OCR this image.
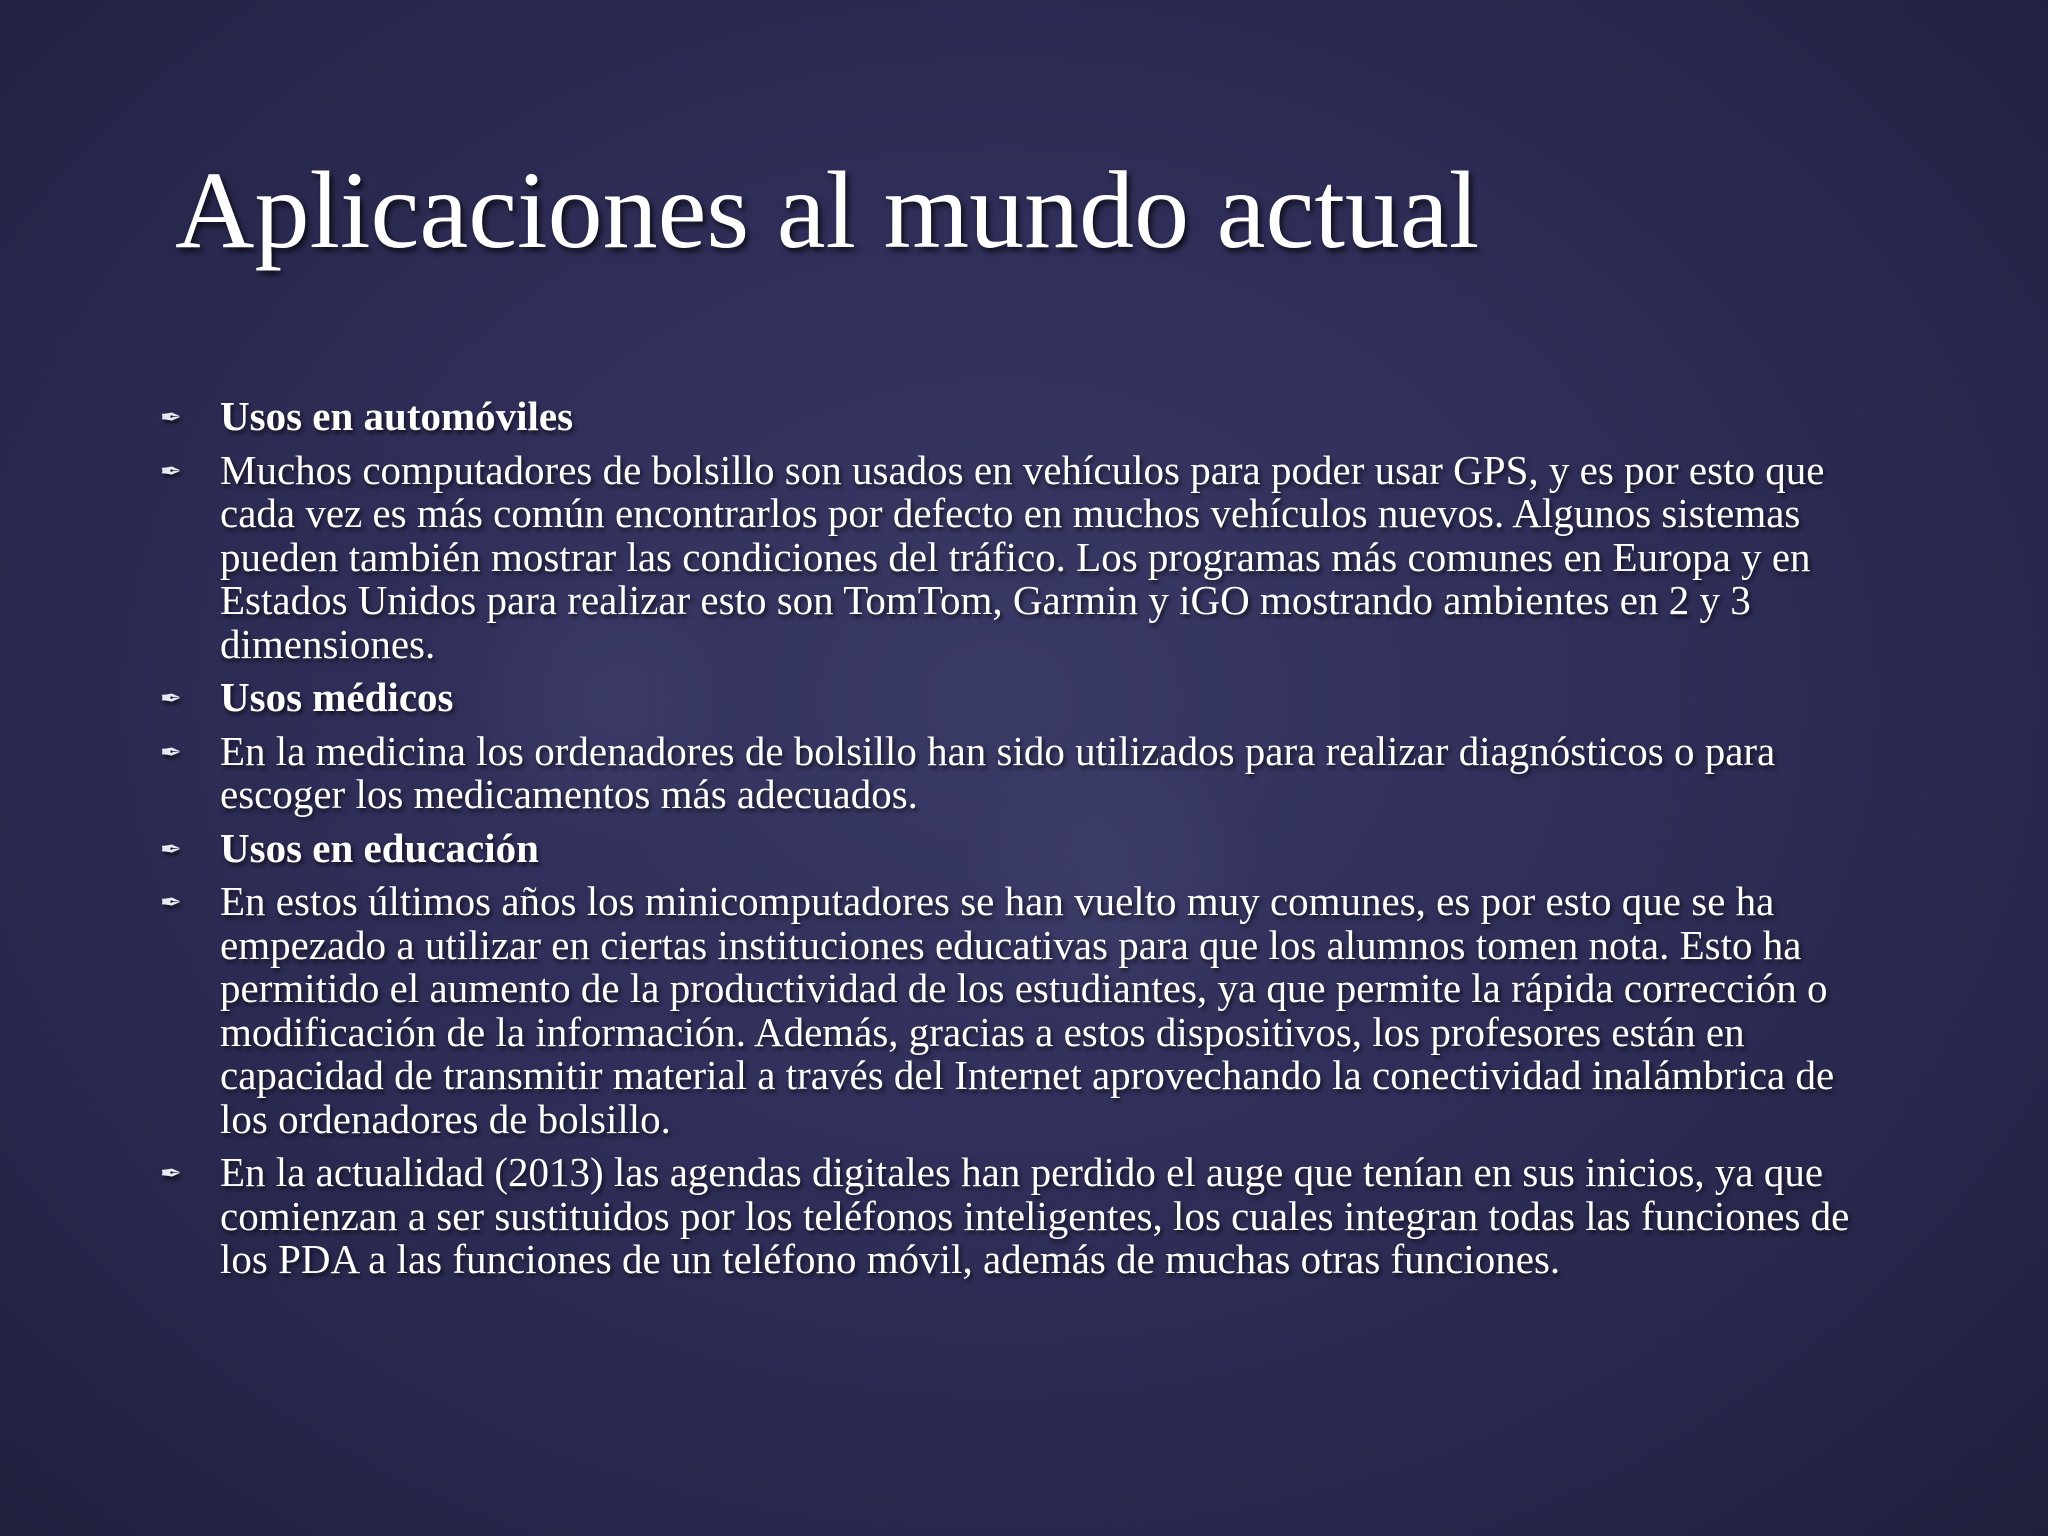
Aplicaciones al mundo actual
✒ Usos en automóviles
✒ Muchos computadores de bolsillo son usados en vehículos para poder usar GPS, y es por esto que cada vez es más común encontrarlos por defecto en muchos vehículos nuevos. Algunos sistemas pueden también mostrar las condiciones del tráfico. Los programas más comunes en Europa y en Estados Unidos para realizar esto son TomTom, Garmin y iGO mostrando ambientes en 2 y 3 dimensiones.
✒ Usos médicos
✒ En la medicina los ordenadores de bolsillo han sido utilizados para realizar diagnósticos o para escoger los medicamentos más adecuados.
✒ Usos en educación
✒ En estos últimos años los minicomputadores se han vuelto muy comunes, es por esto que se ha empezado a utilizar en ciertas instituciones educativas para que los alumnos tomen nota. Esto ha permitido el aumento de la productividad de los estudiantes, ya que permite la rápida corrección o modificación de la información. Además, gracias a estos dispositivos, los profesores están en capacidad de transmitir material a través del Internet aprovechando la conectividad inalámbrica de los ordenadores de bolsillo.
✒ En la actualidad (2013) las agendas digitales han perdido el auge que tenían en sus inicios, ya que comienzan a ser sustituidos por los teléfonos inteligentes, los cuales integran todas las funciones de los PDA a las funciones de un teléfono móvil, además de muchas otras funciones.
